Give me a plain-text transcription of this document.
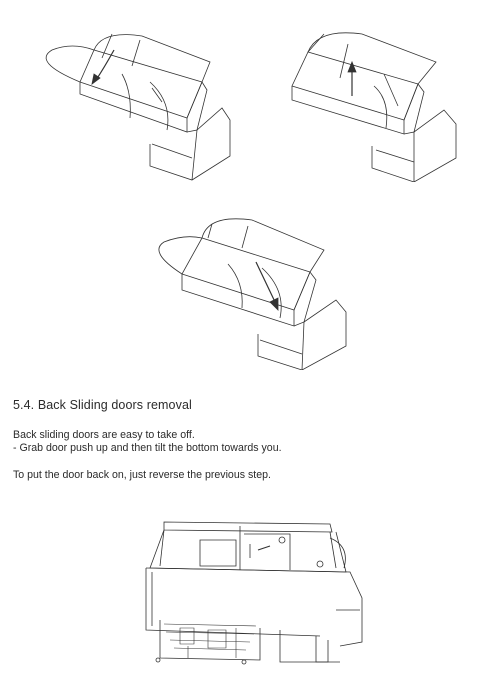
5.4. Back Sliding doors removal

Back sliding doors are easy to take off.

- Grab door push up and then tilt the bottom towards you.

To put the door back on, just reverse the previous step.
